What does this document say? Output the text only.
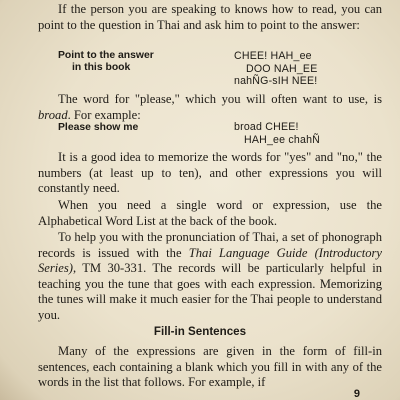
If the person you are speaking to knows how to read, you can point to the question in Thai and ask him to point to the answer:
Point to the answer
in this book
CHEE! HAH_ee
DOO NAH_EE
nahÑG-sIH NEE!
The word for "please," which you will often want to use, is broad. For example:
Please show me	broad CHEE!
HAH_ee chahÑ
It is a good idea to memorize the words for "yes" and "no," the numbers (at least up to ten), and other expressions you will constantly need.
When you need a single word or expression, use the Alphabetical Word List at the back of the book.
To help you with the pronunciation of Thai, a set of phonograph records is issued with the Thai Language Guide (Introductory Series), TM 30-331. The records will be particularly helpful in teaching you the tune that goes with each expression. Memorizing the tunes will make it much easier for the Thai people to understand you.
Fill-in Sentences
Many of the expressions are given in the form of fill-in sentences, each containing a blank which you fill in with any of the words in the list that follows. For example, if
9
